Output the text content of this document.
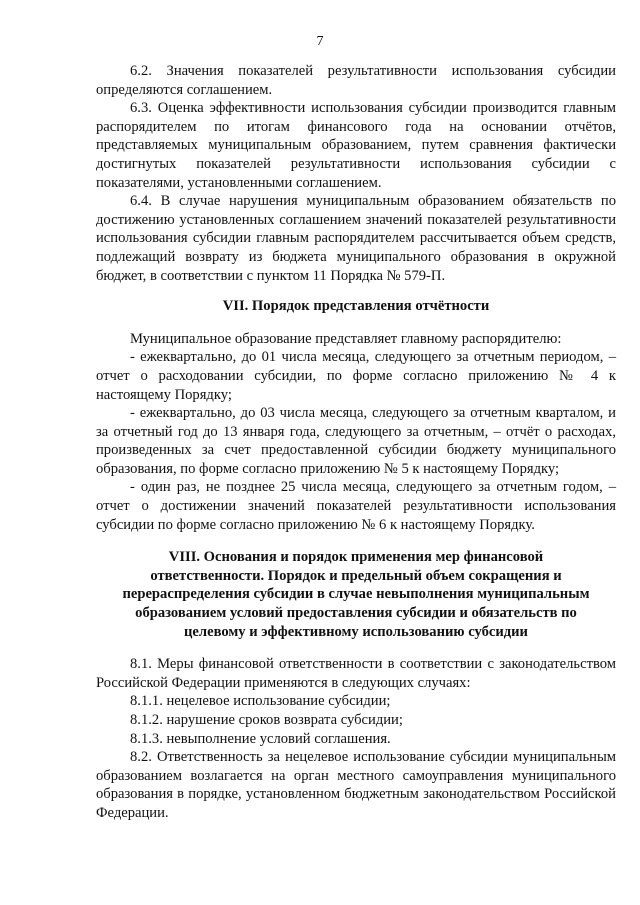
7

6.2. Значения показателей результативности использования субсидии определяются соглашением.

6.3. Оценка эффективности использования субсидии производится главным распорядителем по итогам финансового года на основании отчётов, представляемых муниципальным образованием, путем сравнения фактически достигнутых показателей результативности использования субсидии с показателями, установленными соглашением.

6.4. В случае нарушения муниципальным образованием обязательств по достижению установленных соглашением значений показателей результативности использования субсидии главным распорядителем рассчитывается объем средств, подлежащий возврату из бюджета муниципального образования в окружной бюджет, в соответствии с пунктом 11 Порядка № 579-П.

VII. Порядок представления отчётности

Муниципальное образование представляет главному распорядителю:

- ежеквартально, до 01 числа месяца, следующего за отчетным периодом, – отчет о расходовании субсидии, по форме согласно приложению № 4 к настоящему Порядку;

- ежеквартально, до 03 числа месяца, следующего за отчетным кварталом, и за отчетный год до 13 января года, следующего за отчетным, – отчёт о расходах, произведенных за счет предоставленной субсидии бюджету муниципального образования, по форме согласно приложению № 5 к настоящему Порядку;

- один раз, не позднее 25 числа месяца, следующего за отчетным годом, – отчет о достижении значений показателей результативности использования субсидии по форме согласно приложению № 6 к настоящему Порядку.

VIII. Основания и порядок применения мер финансовой ответственности. Порядок и предельный объем сокращения и перераспределения субсидии в случае невыполнения муниципальным образованием условий предоставления субсидии и обязательств по целевому и эффективному использованию субсидии

8.1. Меры финансовой ответственности в соответствии с законодательством Российской Федерации применяются в следующих случаях:

8.1.1. нецелевое использование субсидии;

8.1.2. нарушение сроков возврата субсидии;

8.1.3. невыполнение условий соглашения.

8.2. Ответственность за нецелевое использование субсидии муниципальным образованием возлагается на орган местного самоуправления муниципального образования в порядке, установленном бюджетным законодательством Российской Федерации.
